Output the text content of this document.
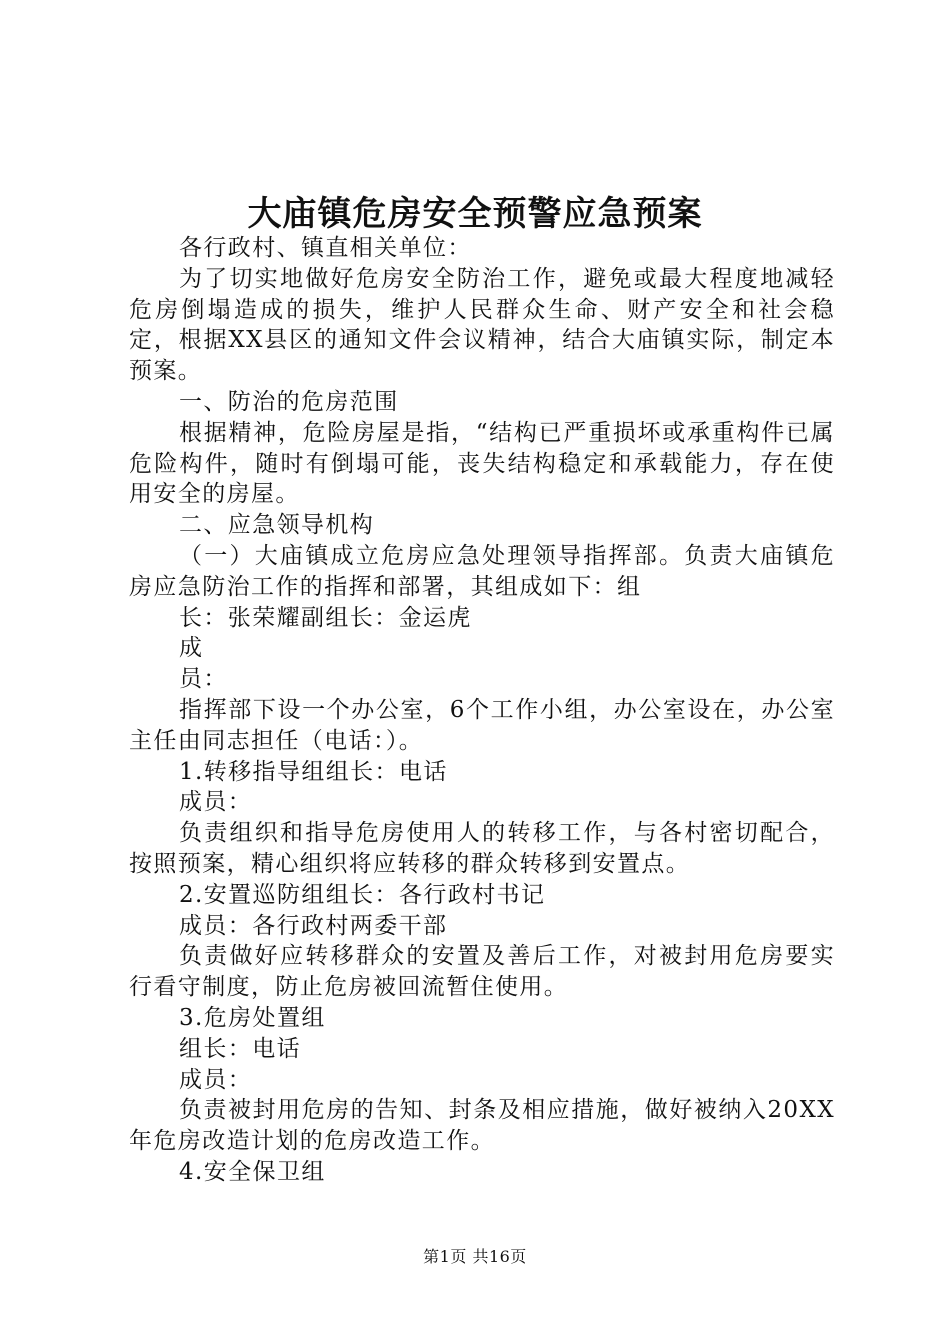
大庙镇危房安全预警应急预案

各行政村、镇直相关单位：

为了切实地做好危房安全防治工作，避免或最大程度地减轻危房倒塌造成的损失，维护人民群众生命、财产安全和社会稳定，根据XX县区的通知文件会议精神，结合大庙镇实际，制定本预案。

一、防治的危房范围

根据精神，危险房屋是指，“结构已严重损坏或承重构件已属危险构件，随时有倒塌可能，丧失结构稳定和承载能力，存在使用安全的房屋。

二、应急领导机构

（一）大庙镇成立危房应急处理领导指挥部。负责大庙镇危房应急防治工作的指挥和部署，其组成如下：组

长：张荣耀副组长：金运虎

成

员：

指挥部下设一个办公室，6个工作小组，办公室设在，办公室主任由同志担任（电话：）。

1.转移指导组组长：电话

成员：

负责组织和指导危房使用人的转移工作，与各村密切配合，按照预案，精心组织将应转移的群众转移到安置点。

2.安置巡防组组长：各行政村书记

成员：各行政村两委干部

负责做好应转移群众的安置及善后工作，对被封用危房要实行看守制度，防止危房被回流暂住使用。

3.危房处置组

组长：电话

成员：

负责被封用危房的告知、封条及相应措施，做好被纳入20XX年危房改造计划的危房改造工作。

4.安全保卫组

第1页 共16页
